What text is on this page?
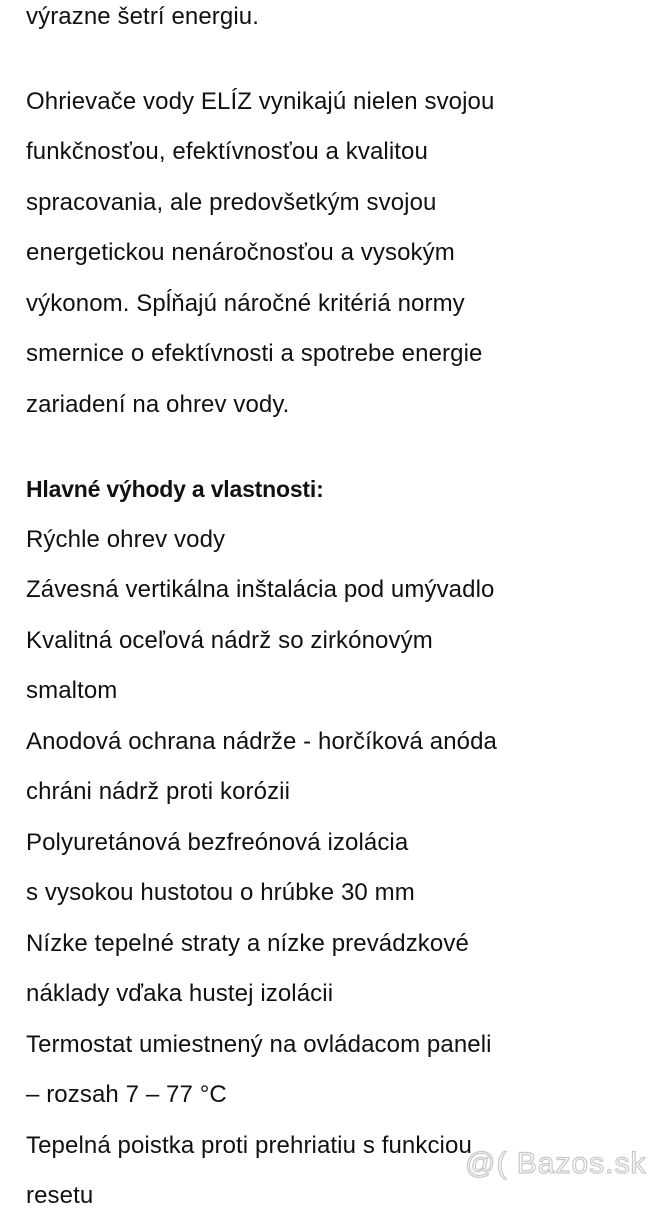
výrazne šetrí energiu.
Ohrievače vody ELÍZ vynikajú nielen svojou
funkčnosťou, efektívnosťou a kvalitou
spracovania, ale predovšetkým svojou
energetickou nenáročnosťou a vysokým
výkonom. Spĺňajú náročné kritériá normy
smernice o efektívnosti a spotrebe energie
zariadení na ohrev vody.
Hlavné výhody a vlastnosti:
Rýchle ohrev vody
Závesná vertikálna inštalácia pod umývadlo
Kvalitná oceľová nádrž so zirkónovým
smaltom
Anodová ochrana nádrže - horčíková anóda
chráni nádrž proti korózii
Polyuretánová bezfreónová izolácia
s vysokou hustotou o hrúbke 30 mm
Nízke tepelné straty a nízke prevádzkové
náklady vďaka hustej izolácii
Termostat umiestnený na ovládacom paneli
– rozsah 7 – 77 °C
Tepelná poistka proti prehriatiu s funkciou
resetu
@( Bazos.sk
